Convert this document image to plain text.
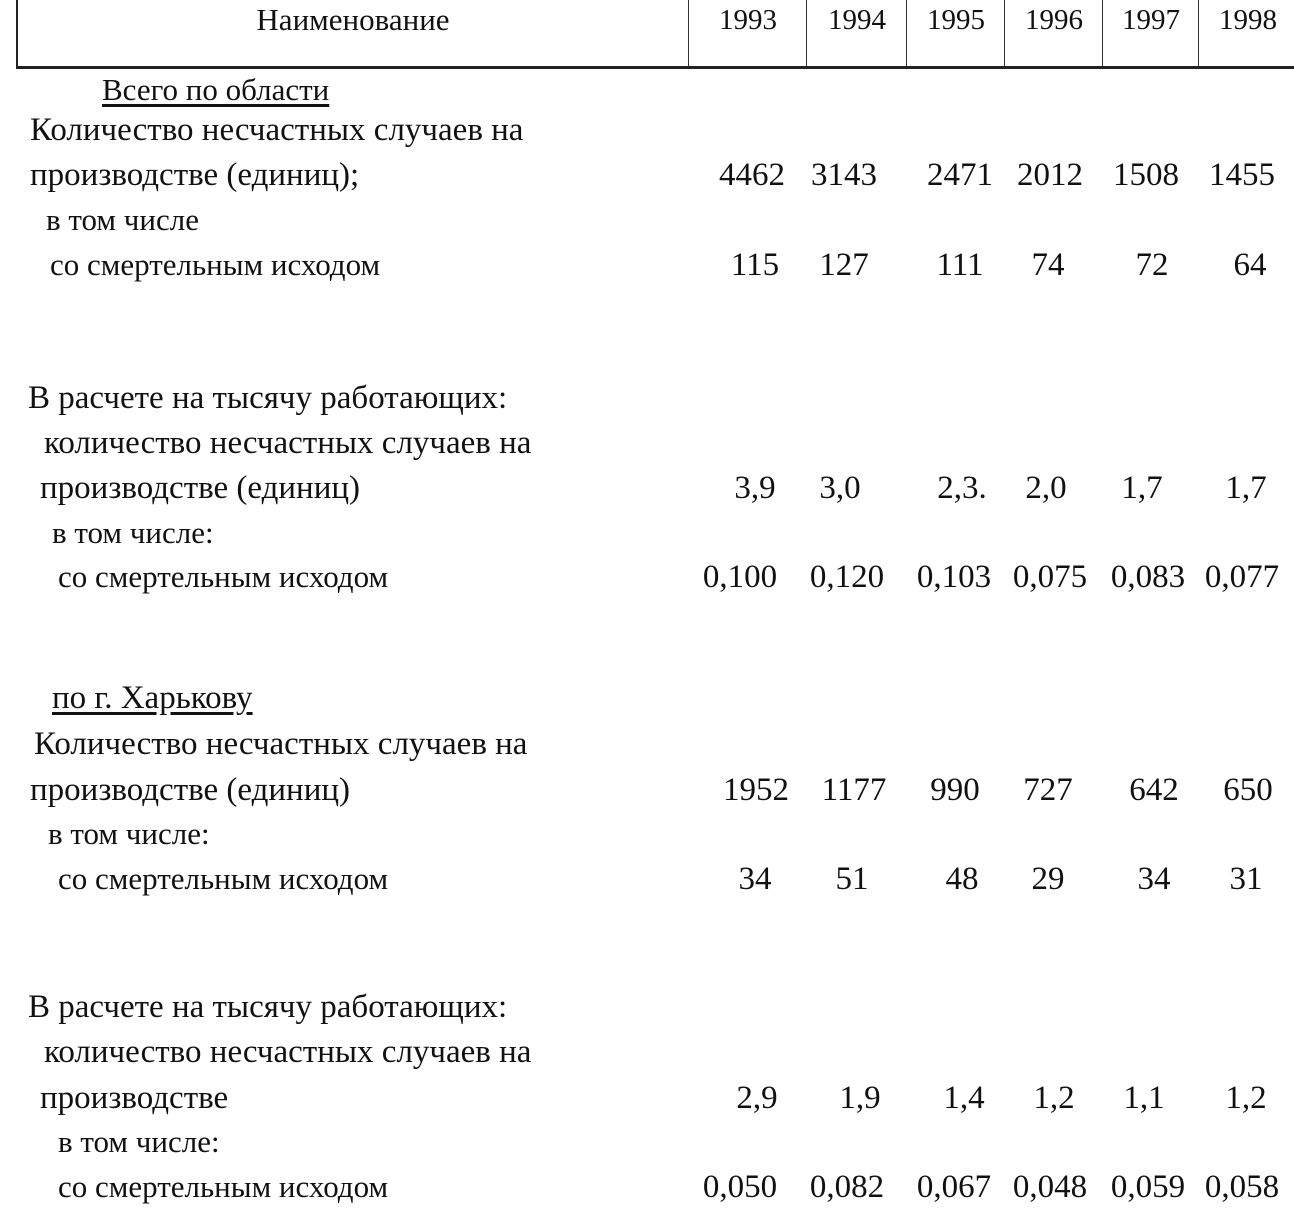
Наименование	1993	1994	1995	1996	1997	1998
Всего по области
Количество несчастных случаев на
производстве (единиц);	4462 3143	2471 2012 1508 1455
в том числе
со смертельным исходом	115	127	111	74	72	64
В расчете на тысячу работающих:
количество несчастных случаев на
производстве (единиц)	3,9	3,0	2,3.	2,0	1,7	1,7
в том числе:
со смертельным исходом	0,100 0,120 0,103 0,075 0,083 0,077
по г. Харькову
Количество несчастных случаев на
производстве (единиц)	1952 1177	990	727	642	650
в том числе:
со смертельным исходом	34	51	48	29	34	31
В расчете на тысячу работающих:
количество несчастных случаев на
производстве	2,9	1,9	1,4	1,2	1,1	1,2
в том числе:
со смертельным исходом	0,050 0,082 0,067 0,048 0,059 0,058
